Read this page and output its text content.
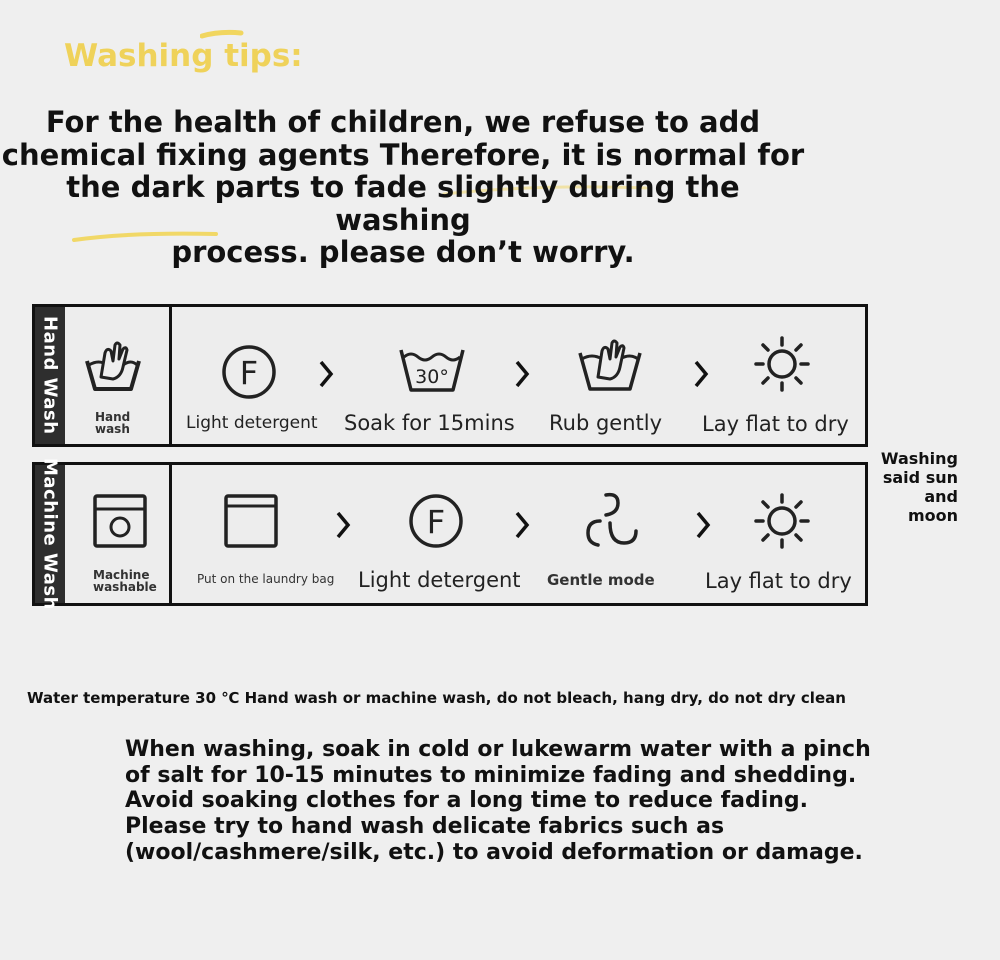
Washing tips:
For the health of children, we refuse to add
chemical fixing agents Therefore, it is normal for
the dark parts to fade slightly during the washing
process. please don’t worry.
Hand Wash	Hand
wash
F
Light detergent
30°
Soak for 15mins Rub gently Lay flat to dry
Machine Wash	Machine
washable
Put on the laundry bag
F
Light detergent Gentle mode Lay flat to dry
Washing
said sun
and
moon
Water temperature 30 ℃ Hand wash or machine wash, do not bleach, hang dry, do not dry clean
When washing, soak in cold or lukewarm water with a pinch
of salt for 10-15 minutes to minimize fading and shedding.
Avoid soaking clothes for a long time to reduce fading.
Please try to hand wash delicate fabrics such as
(wool/cashmere/silk, etc.) to avoid deformation or damage.
